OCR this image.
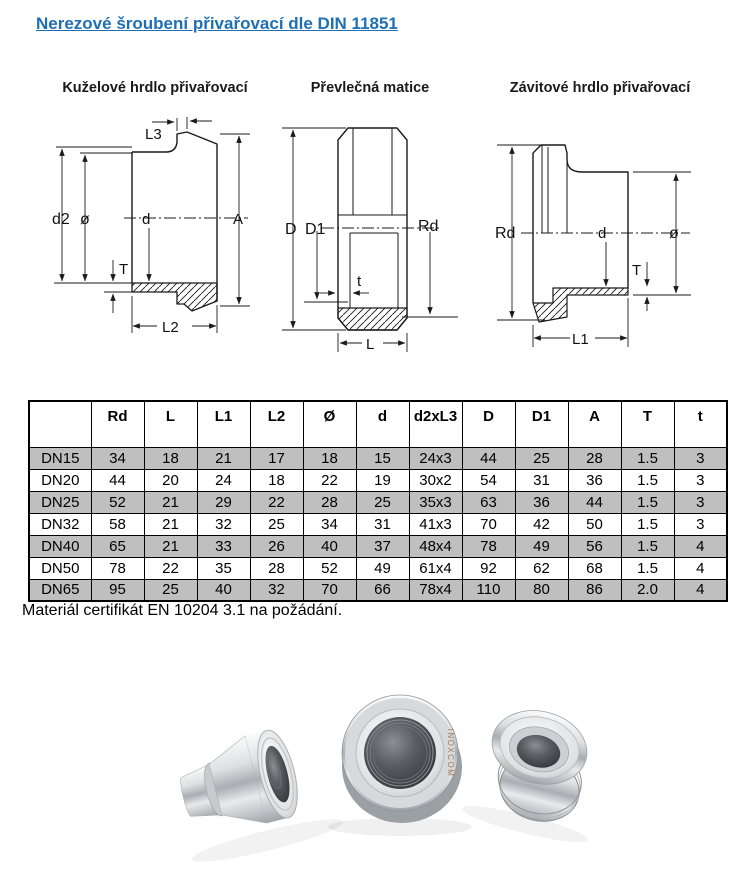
Nerezové šroubení přivařovací dle DIN 11851
Kuželové hrdlo přivařovací	Převlečná matice	Závitové hrdlo přivařovací
L3
d2 ø	d	A
T
L2
D D1	Rd
t
L
Rd	d	ø
T
L1
	Rd	L	L1	L2	Ø	d	d2xL3	D	D1	A	T	t
DN15	34	18	21	17	18	15	24x3	44	25	28	1.5	3
DN20	44	20	24	18	22	19	30x2	54	31	36	1.5	3
DN25	52	21	29	22	28	25	35x3	63	36	44	1.5	3
DN32	58	21	32	25	34	31	41x3	70	42	50	1.5	3
DN40	65	21	33	26	40	37	48x4	78	49	56	1.5	4
DN50	78	22	35	28	52	49	61x4	92	62	68	1.5	4
DN65	95	25	40	32	70	66	78x4	110	80	86	2.0	4
Materiál certifikát EN 10204 3.1 na požádání.
INOXCOM
